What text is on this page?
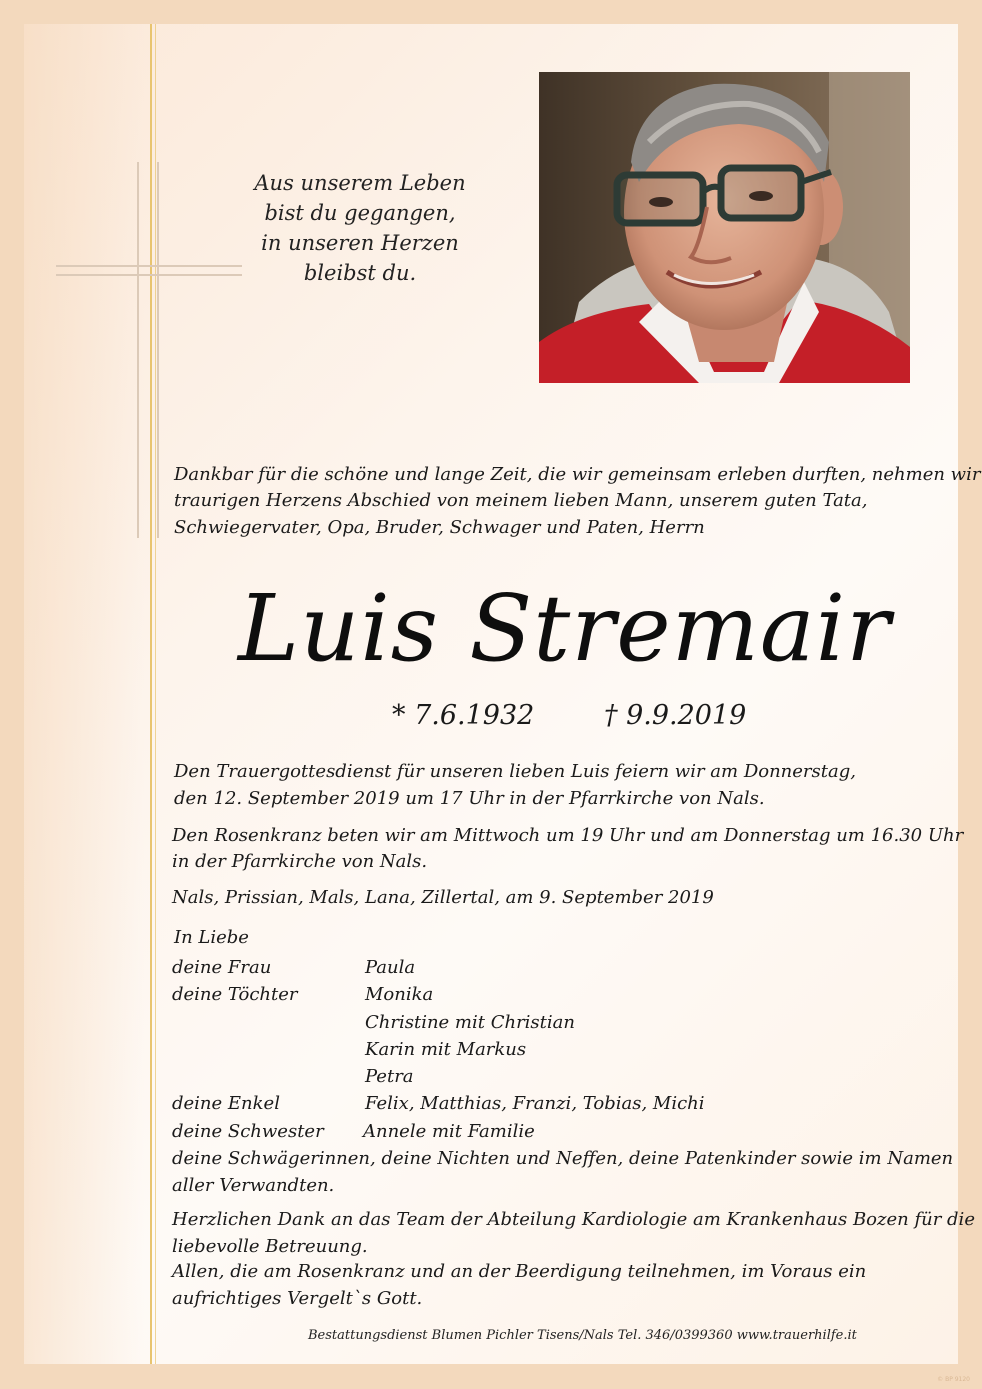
Aus unserem Leben
bist du gegangen,
in unseren Herzen
bleibst du.
Dankbar für die schöne und lange Zeit, die wir gemeinsam erleben durften, nehmen wir
traurigen Herzens Abschied von meinem lieben Mann, unserem guten Tata,
Schwiegervater, Opa, Bruder, Schwager und Paten, Herrn
Luis Stremair
* 7.6.1932	† 9.9.2019
Den Trauergottesdienst für unseren lieben Luis feiern wir am Donnerstag,
den 12. September 2019 um 17 Uhr in der Pfarrkirche von Nals.
Den Rosenkranz beten wir am Mittwoch um 19 Uhr und am Donnerstag um 16.30 Uhr
in der Pfarrkirche von Nals.
Nals, Prissian, Mals, Lana, Zillertal, am 9. September 2019
In Liebe
deine Frau	Paula
deine Töchter	Monika
Christine mit Christian
Karin mit Markus
Petra
deine Enkel	Felix, Matthias, Franzi, Tobias, Michi
deine Schwester Annele mit Familie
deine Schwägerinnen, deine Nichten und Neffen, deine Patenkinder sowie im Namen
aller Verwandten.
Herzlichen Dank an das Team der Abteilung Kardiologie am Krankenhaus Bozen für die
liebevolle Betreuung.
Allen, die am Rosenkranz und an der Beerdigung teilnehmen, im Voraus ein
aufrichtiges Vergelt`s Gott.
Bestattungsdienst Blumen Pichler Tisens/Nals Tel. 346/0399360 www.trauerhilfe.it
© BP 9120
